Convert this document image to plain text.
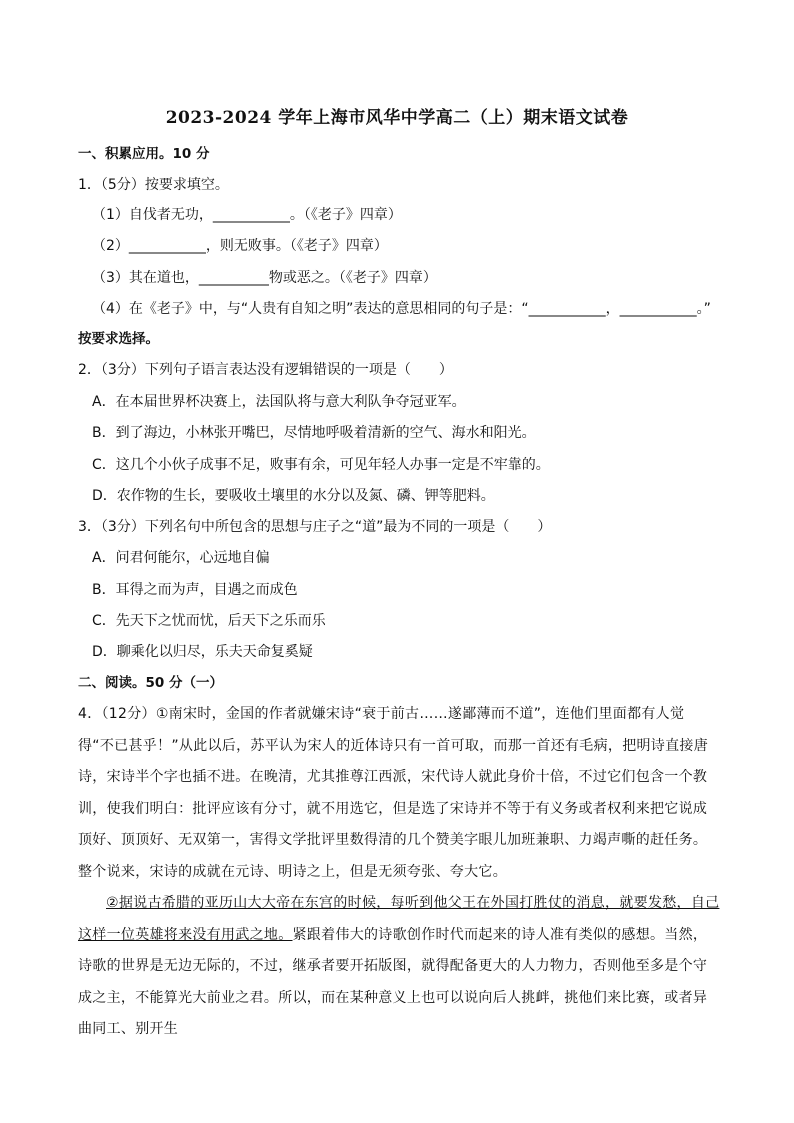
2023-2024 学年上海市风华中学高二（上）期末语文试卷
一、积累应用。10 分
1．（5分）按要求填空。
（1）自伐者无功，___________。（《老子》四章）
（2）___________，则无败事。（《老子》四章）
（3）其在道也，__________物或恶之。（《老子》四章）
（4）在《老子》中，与“人贵有自知之明”表达的意思相同的句子是：“___________，___________。”
按要求选择。
2．（3分）下列句子语言表达没有逻辑错误的一项是（　　）
A．在本届世界杯决赛上，法国队将与意大利队争夺冠亚军。
B．到了海边，小林张开嘴巴，尽情地呼吸着清新的空气、海水和阳光。
C．这几个小伙子成事不足，败事有余，可见年轻人办事一定是不牢靠的。
D．农作物的生长，要吸收土壤里的水分以及氮、磷、钾等肥料。
3．（3分）下列名句中所包含的思想与庄子之“道”最为不同的一项是（　　）
A．问君何能尔，心远地自偏
B．耳得之而为声，目遇之而成色
C．先天下之忧而忧，后天下之乐而乐
D．聊乘化以归尽，乐夫天命复奚疑
二、阅读。50 分（一）

4．（12分）①南宋时，金国的作者就嫌宋诗“衰于前古……遂鄙薄而不道”，连他们里面都有人觉得“不已甚乎！”从此以后，苏平认为宋人的近体诗只有一首可取，而那一首还有毛病，把明诗直接唐诗，宋诗半个字也插不进。在晚清，尤其推尊江西派，宋代诗人就此身价十倍，不过它们包含一个教训，使我们明白：批评应该有分寸，就不用选它，但是选了宋诗并不等于有义务或者权利来把它说成顶好、顶顶好、无双第一，害得文学批评里数得清的几个赞美字眼儿加班兼职、力竭声嘶的赶任务。整个说来，宋诗的成就在元诗、明诗之上，但是无须夸张、夸大它。

②据说古希腊的亚历山大大帝在东宫的时候，每听到他父王在外国打胜仗的消息，就要发愁，自己这样一位英雄将来没有用武之地。紧跟着伟大的诗歌创作时代而起来的诗人准有类似的感想。当然，诗歌的世界是无边无际的，不过，继承者要开拓版图，就得配备更大的人力物力，否则他至多是个守成之主，不能算光大前业之君。所以，而在某种意义上也可以说向后人挑衅，挑他们来比赛，或者异曲同工、别开生
